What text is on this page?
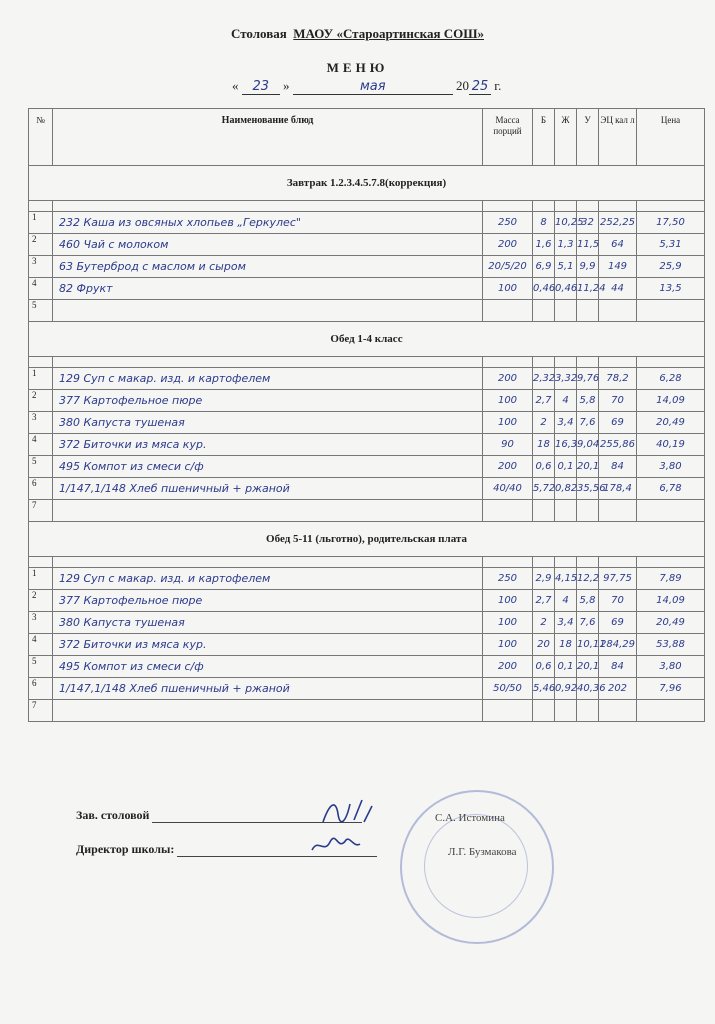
Столовая МАОУ «Староартинская СОШ»
МЕНЮ
« 23 »	мая	20 25 г.
№	Наименование блюд	Масса порций	Б	Ж	У	ЭЦ кал л	Цена
Завтрак 1.2.3.4.5.7.8(коррекция)							

1	232 Каша из овсяных хлопьев „Геркулес"	250	8	10,25	32	252,25	17,50
2	460 Чай с молоком	200	1,6	1,3	11,5	64	5,31
3	63 Бутерброд с маслом и сыром	20/5/20	6,9	5,1	9,9	149	25,9
4	82 Фрукт	100	0,46	0,46	11,24	44	13,5
5							
Обед 1-4 класс							

1	129 Суп с макар. изд. и картофелем	200	2,32	3,32	9,76	78,2	6,28
2	377 Картофельное пюре	100	2,7	4	5,8	70	14,09
3	380 Капуста тушеная	100	2	3,4	7,6	69	20,49
4	372 Биточки из мяса кур.	90	18	16,3	9,04	255,86	40,19
5	495 Компот из смеси с/ф	200	0,6	0,1	20,1	84	3,80
6	1/147,1/148 Хлеб пшеничный + ржаной	40/40	5,72	0,82	35,56	178,4	6,78
7							
Обед 5-11 (льготно), родительская плата							

1	129 Суп с макар. изд. и картофелем	250	2,9	4,15	12,2	97,75	7,89
2	377 Картофельное пюре	100	2,7	4	5,8	70	14,09
3	380 Капуста тушеная	100	2	3,4	7,6	69	20,49
4	372 Биточки из мяса кур.	100	20	18	10,11	284,29	53,88
5	495 Компот из смеси с/ф	200	0,6	0,1	20,1	84	3,80
6	1/147,1/148 Хлеб пшеничный + ржаной	50/50	5,46	0,92	40,36	202	7,96
7							
Зав. столовой	С.А. Истомина
Директор школы:	Л.Г. Бузмакова
